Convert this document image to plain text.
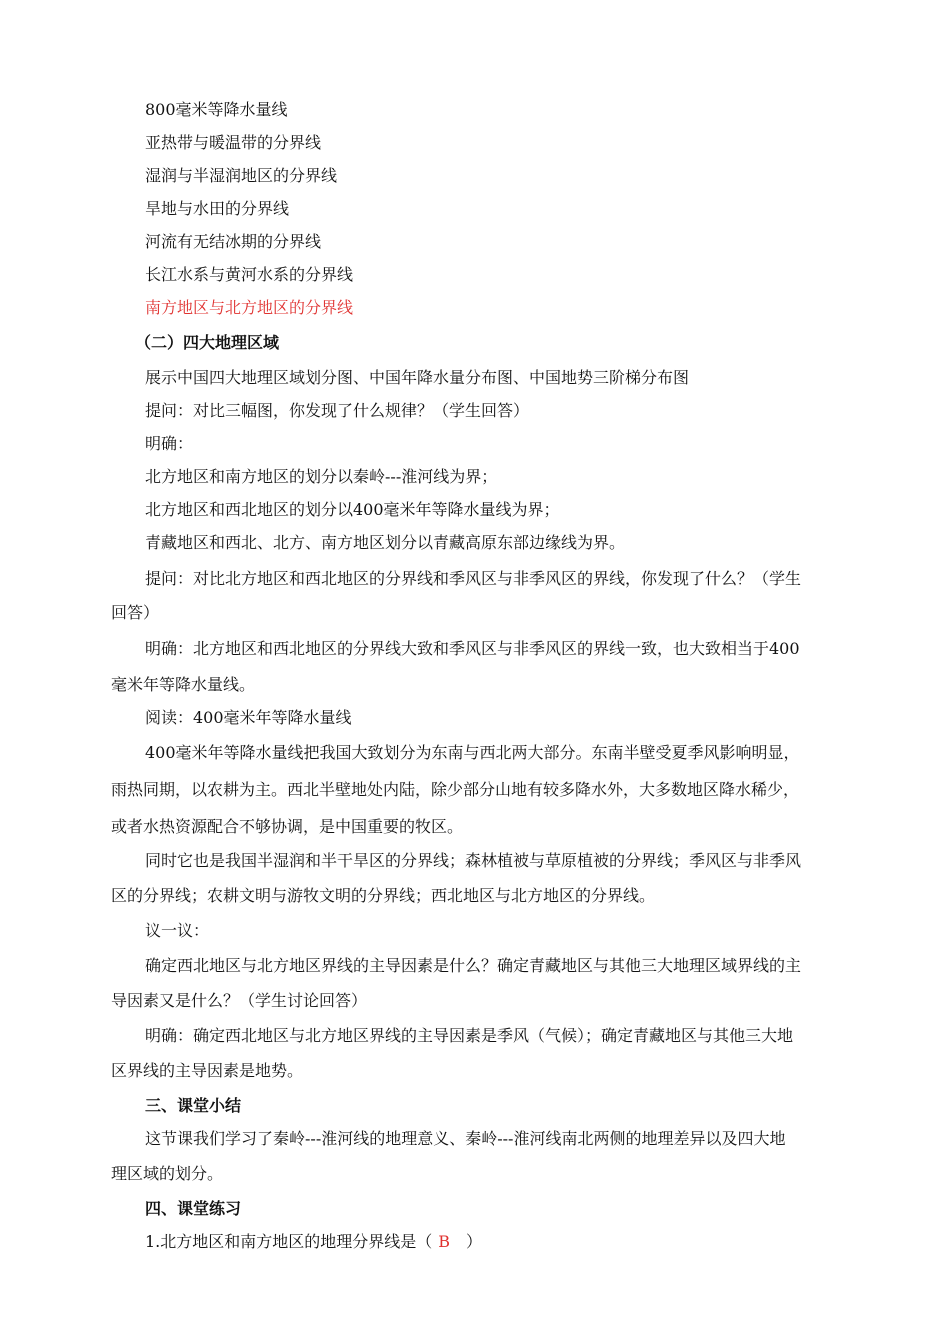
800毫米等降水量线
亚热带与暖温带的分界线
湿润与半湿润地区的分界线
旱地与水田的分界线
河流有无结冰期的分界线
长江水系与黄河水系的分界线
南方地区与北方地区的分界线
（二）四大地理区域
展示中国四大地理区域划分图、中国年降水量分布图、中国地势三阶梯分布图
提问：对比三幅图，你发现了什么规律？（学生回答）
明确：
北方地区和南方地区的划分以秦岭---淮河线为界；
北方地区和西北地区的划分以400毫米年等降水量线为界；
青藏地区和西北、北方、南方地区划分以青藏高原东部边缘线为界。
提问：对比北方地区和西北地区的分界线和季风区与非季风区的界线，你发现了什么？（学生
回答）
明确：北方地区和西北地区的分界线大致和季风区与非季风区的界线一致，也大致相当于400
毫米年等降水量线。
阅读：400毫米年等降水量线
400毫米年等降水量线把我国大致划分为东南与西北两大部分。东南半壁受夏季风影响明显，
雨热同期，以农耕为主。西北半壁地处内陆，除少部分山地有较多降水外，大多数地区降水稀少，
或者水热资源配合不够协调，是中国重要的牧区。
同时它也是我国半湿润和半干旱区的分界线；森林植被与草原植被的分界线；季风区与非季风
区的分界线；农耕文明与游牧文明的分界线；西北地区与北方地区的分界线。
议一议：
确定西北地区与北方地区界线的主导因素是什么？确定青藏地区与其他三大地理区域界线的主
导因素又是什么？（学生讨论回答）
明确：确定西北地区与北方地区界线的主导因素是季风（气候）；确定青藏地区与其他三大地
区界线的主导因素是地势。
三、课堂小结
这节课我们学习了秦岭---淮河线的地理意义、秦岭---淮河线南北两侧的地理差异以及四大地
理区域的划分。
四、课堂练习
1.北方地区和南方地区的地理分界线是（ B ）
